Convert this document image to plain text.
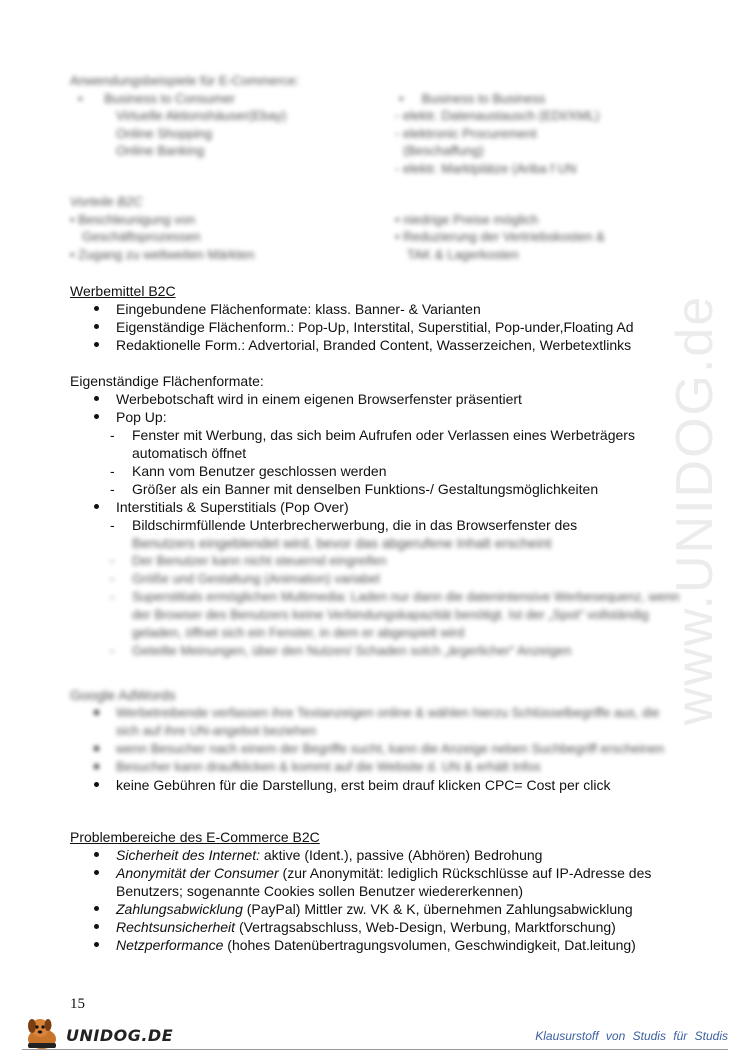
www.UNIDOG.de
Anwendungsbeispiele für E-Commerce:
•      Business to Consumer
Virtuelle Aktionshäuser(Ebay)
Online Shopping
Online Banking
•     Business to Business
- elektr. Datenaustausch (EDI/XML)
- elektronic Procurement
(Beschaffung)
- elektr. Marktplätze (Ariba f UN
Vorteile B2C
• Beschleunigung von
Geschäftsprozessen
• Zugang zu weltweiten Märkten
• niedrige Preise möglich
• Reduzierung der Vertriebskosten &
TAK & Lagerkosten
Werbemittel B2C
Eingebundene Flächenformate: klass. Banner- & Varianten
Eigenständige Flächenform.: Pop-Up, Interstital, Superstitial, Pop-under,Floating Ad
Redaktionelle Form.: Advertorial, Branded Content, Wasserzeichen, Werbetextlinks
Eigenständige Flächenformate:
Werbebotschaft wird in einem eigenen Browserfenster präsentiert
Pop Up:
- Fenster mit Werbung, das sich beim Aufrufen oder Verlassen eines Werbeträgers automatisch öffnet
- Kann vom Benutzer geschlossen werden
- Größer als ein Banner mit denselben Funktions-/ Gestaltungsmöglichkeiten
Interstitials & Superstitials (Pop Over)
- Bildschirmfüllende Unterbrecherwerbung, die in das Browserfenster des
Benutzers eingeblendet wird, bevor das abgerufene Inhalt erscheint
- Der Benutzer kann nicht steuernd eingreifen
- Größe und Gestaltung (Animation) variabel
- Superstitials ermöglichen Multimedia: Laden nur dann die datenintensive Werbesequenz, wenn der Browser des Benutzers keine Verbindungskapazität benötigt. Ist der „Spot“ vollständig geladen, öffnet sich ein Fenster, in dem er abgespielt wird
- Geteilte Meinungen, über den Nutzen/ Schaden solch „ärgerlicher“ Anzeigen
Google AdWords
Werbetreibende verfassen ihre Textanzeigen online & wählen hierzu Schlüsselbegriffe aus, die sich auf ihre UN-angebot beziehen
wenn Besucher nach einem der Begriffe sucht, kann die Anzeige neben Suchbegriff erscheinen
Besucher kann draufklicken & kommt auf die Website d. UN & erhält Infos
keine Gebühren für die Darstellung, erst beim drauf klicken CPC= Cost per click
Problembereiche des E-Commerce B2C
Sicherheit des Internet: aktive (Ident.), passive (Abhören) Bedrohung
Anonymität der Consumer (zur Anonymität: lediglich Rückschlüsse auf IP-Adresse des Benutzers; sogenannte Cookies sollen Benutzer wiedererkennen)
Zahlungsabwicklung (PayPal) Mittler zw. VK & K, übernehmen Zahlungsabwicklung
Rechtsunsicherheit (Vertragsabschluss, Web-Design, Werbung, Marktforschung)
Netzperformance (hohes Datenübertragungsvolumen, Geschwindigkeit, Dat.leitung)
15
UNIDOG.DE	Klausurstoff von Studis für Studis
